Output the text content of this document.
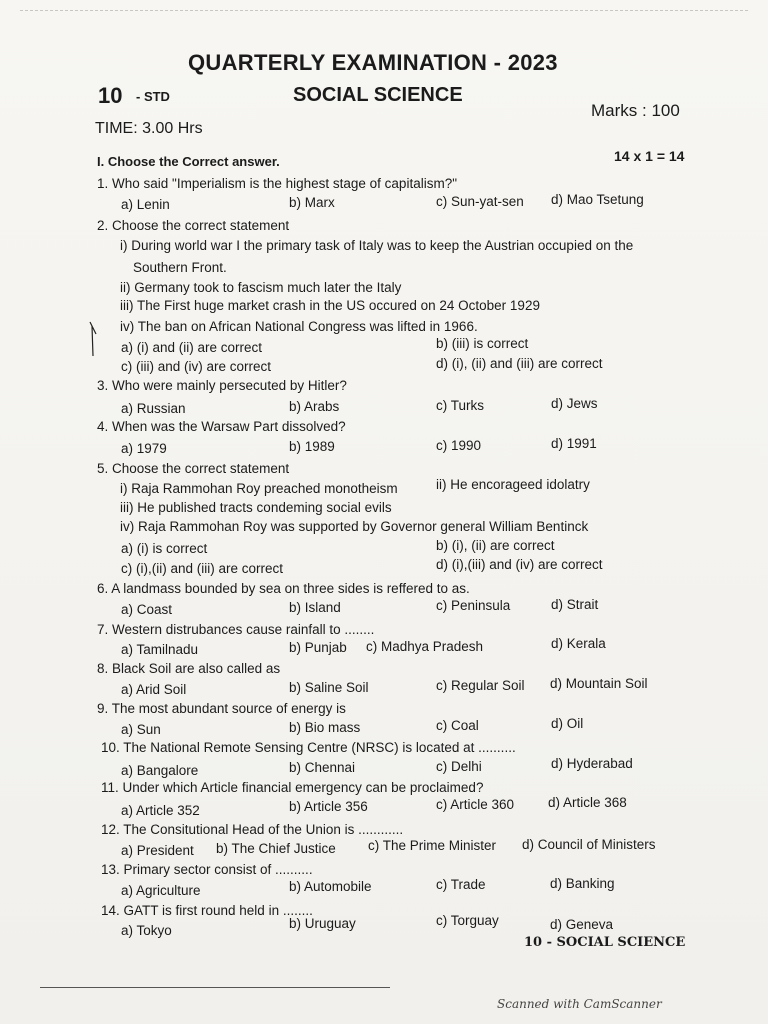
QUARTERLY EXAMINATION - 2023
10 - STD	SOCIAL SCIENCE
Marks : 100
TIME: 3.00 Hrs
I. Choose the Correct answer.	14 x 1 = 14
1. Who said "Imperialism is the highest stage of capitalism?"
a) Lenin	b) Marx	c) Sun-yat-sen d) Mao Tsetung
2. Choose the correct statement
i) During world war I the primary task of Italy was to keep the Austrian occupied on the
Southern Front.
ii) Germany took to fascism much later the Italy
iii) The First huge market crash in the US occured on 24 October 1929
iv) The ban on African National Congress was lifted in 1966.
a) (i) and (ii) are correct	b) (iii) is correct
c) (iii) and (iv) are correct	d) (i), (ii) and (iii) are correct
3. Who were mainly persecuted by Hitler?
a) Russian	b) Arabs	c) Turks	d) Jews
4. When was the Warsaw Part dissolved?
a) 1979	b) 1989	c) 1990	d) 1991
5. Choose the correct statement
i) Raja Rammohan Roy preached monotheism	ii) He encorageed idolatry
iii) He published tracts condeming social evils
iv) Raja Rammohan Roy was supported by Governor general William Bentinck
a) (i) is correct	b) (i), (ii) are correct
c) (i),(ii) and (iii) are correct	d) (i),(iii) and (iv) are correct
6. A landmass bounded by sea on three sides is reffered to as.
a) Coast	b) Island	c) Peninsula	d) Strait
7. Western distrubances cause rainfall to ........
a) Tamilnadu	b) Punjab c) Madhya Pradesh	d) Kerala
8. Black Soil are also called as
a) Arid Soil	b) Saline Soil	c) Regular Soil d) Mountain Soil
9. The most abundant source of energy is
a) Sun	b) Bio mass	c) Coal	d) Oil
10. The National Remote Sensing Centre (NRSC) is located at ..........
a) Bangalore	b) Chennai	c) Delhi	d) Hyderabad
11. Under which Article financial emergency can be proclaimed?
a) Article 352	b) Article 356	c) Article 360	d) Article 368
12. The Consitutional Head of the Union is ............
a) President b) The Chief Justice c) The Prime Minister d) Council of Ministers
13. Primary sector consist of ..........
a) Agriculture	b) Automobile	c) Trade	d) Banking
14. GATT is first round held in ........
a) Tokyo	b) Uruguay	c) Torguay	d) Geneva
10 - SOCIAL SCIENCE
Scanned with CamScanner
